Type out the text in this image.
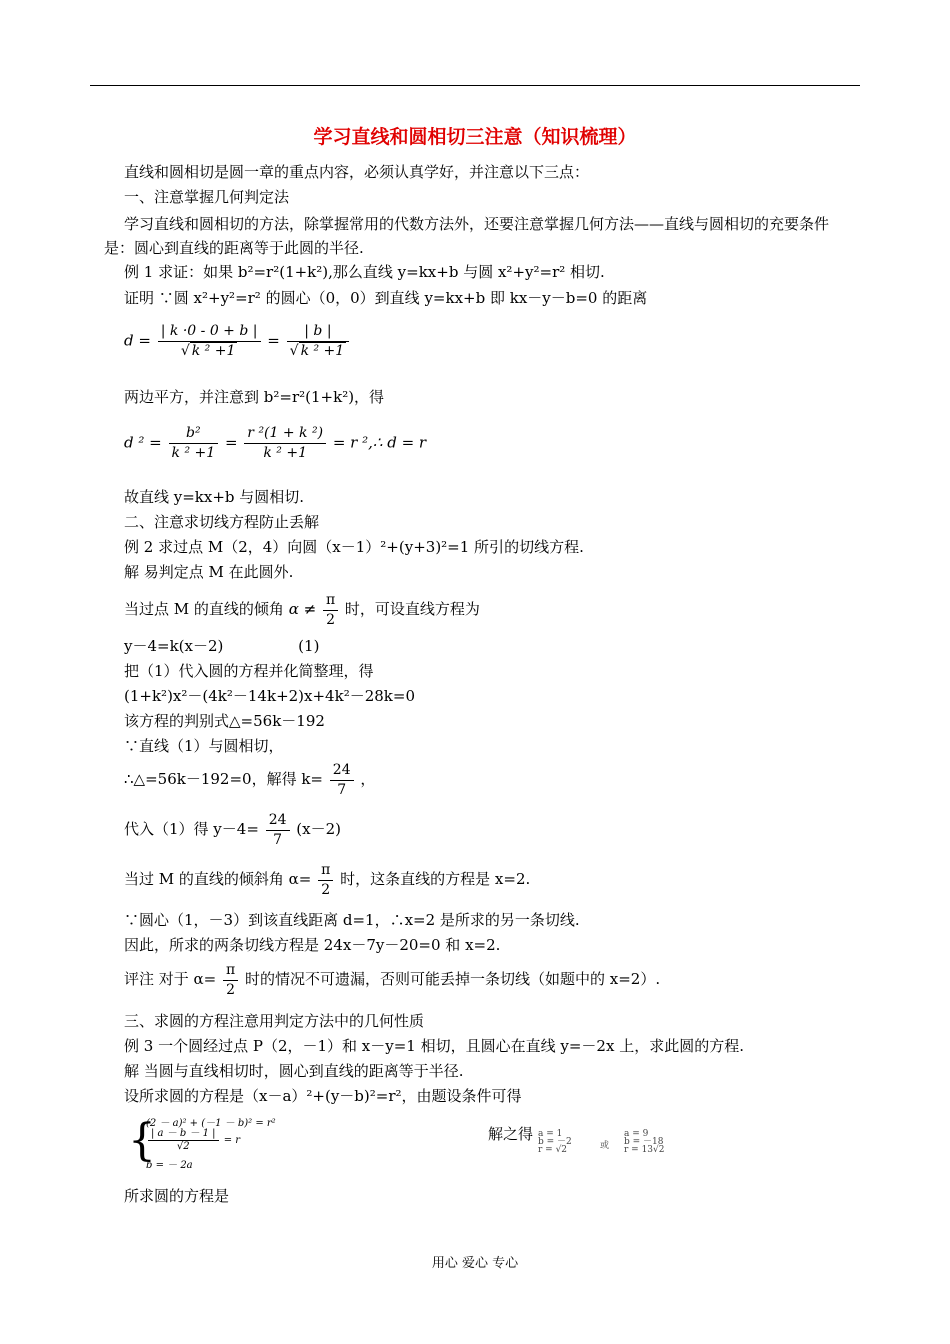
学习直线和圆相切三注意（知识梳理）
直线和圆相切是圆一章的重点内容，必须认真学好，并注意以下三点：
一、注意掌握几何判定法
学习直线和圆相切的方法，除掌握常用的代数方法外，还要注意掌握几何方法——直线与圆相切的充要条件是：圆心到直线的距离等于此圆的半径.
例 1 求证：如果 b²=r²(1+k²),那么直线 y=kx+b 与圆 x²+y²=r² 相切.
证明 ∵圆 x²+y²=r² 的圆心（0，0）到直线 y=kx+b 即 kx－y－b=0 的距离
$d = \frac{| k \cdot 0 - 0 + b |}{\text{√ k ² +1}} = \frac{| b |}{\text{√ k ² +1}}$
两边平方，并注意到 b²=r²(1+k²)，得
d $^2 = \frac{\text{b²}}{\text{k ² +1}} = \frac{\text{r ²(1 + k ²)}}{\text{k ² +1}} = r$ ²,∴ d = r
故直线 y=kx+b 与圆相切.
二、注意求切线方程防止丢解
例 2 求过点 M（2，4）向圆（x－1）²+(y+3)²=1 所引的切线方程.
解 易判定点 M 在此圆外.
当过点 M 的直线的倾角 $\alpha \ne \frac{\pi}{2}$ 时，可设直线方程为
y－4=k(x－2)	(1)
把（1）代入圆的方程并化简整理，得
(1+k²)x²－(4k²－14k+2)x+4k²－28k=0
该方程的判别式△=56k－192
∵直线（1）与圆相切，
∴△=56k－192=0，解得 $k= \frac{24}{7}$ ，
代入（1）得 $y-4= \frac{24}{7} (x-2)$
当过 M 的直线的倾斜角 $\alpha= \frac{\pi}{2}$ 时，这条直线的方程是 x=2.
∵圆心（1，－3）到该直线距离 d=1，∴x=2 是所求的另一条切线.
因此，所求的两条切线方程是 24x－7y－20=0 和 x=2.
评注 对于 $\alpha= \frac{\pi}{2}$ 时的情况不可遗漏，否则可能丢掉一条切线（如题中的 x=2）.
三、求圆的方程注意用判定方法中的几何性质
例 3 一个圆经过点 P（2，－1）和 x－y=1 相切，且圆心在直线 y=－2x 上，求此圆的方程.
解 当圆与直线相切时，圆心到直线的距离等于半径.
设所求圆的方程是（x－a）²+(y－b)²=r²，由题设条件可得
{
(2 － a)² + (－1 － b)² = r²
$\frac{| a - b - 1 |}{√2} = r$
b = － 2a
解之得 a = 1
b = －2
r = √2	或
a = 9
b = －18
r = 13√2
所求圆的方程是
用心 爱心 专心
